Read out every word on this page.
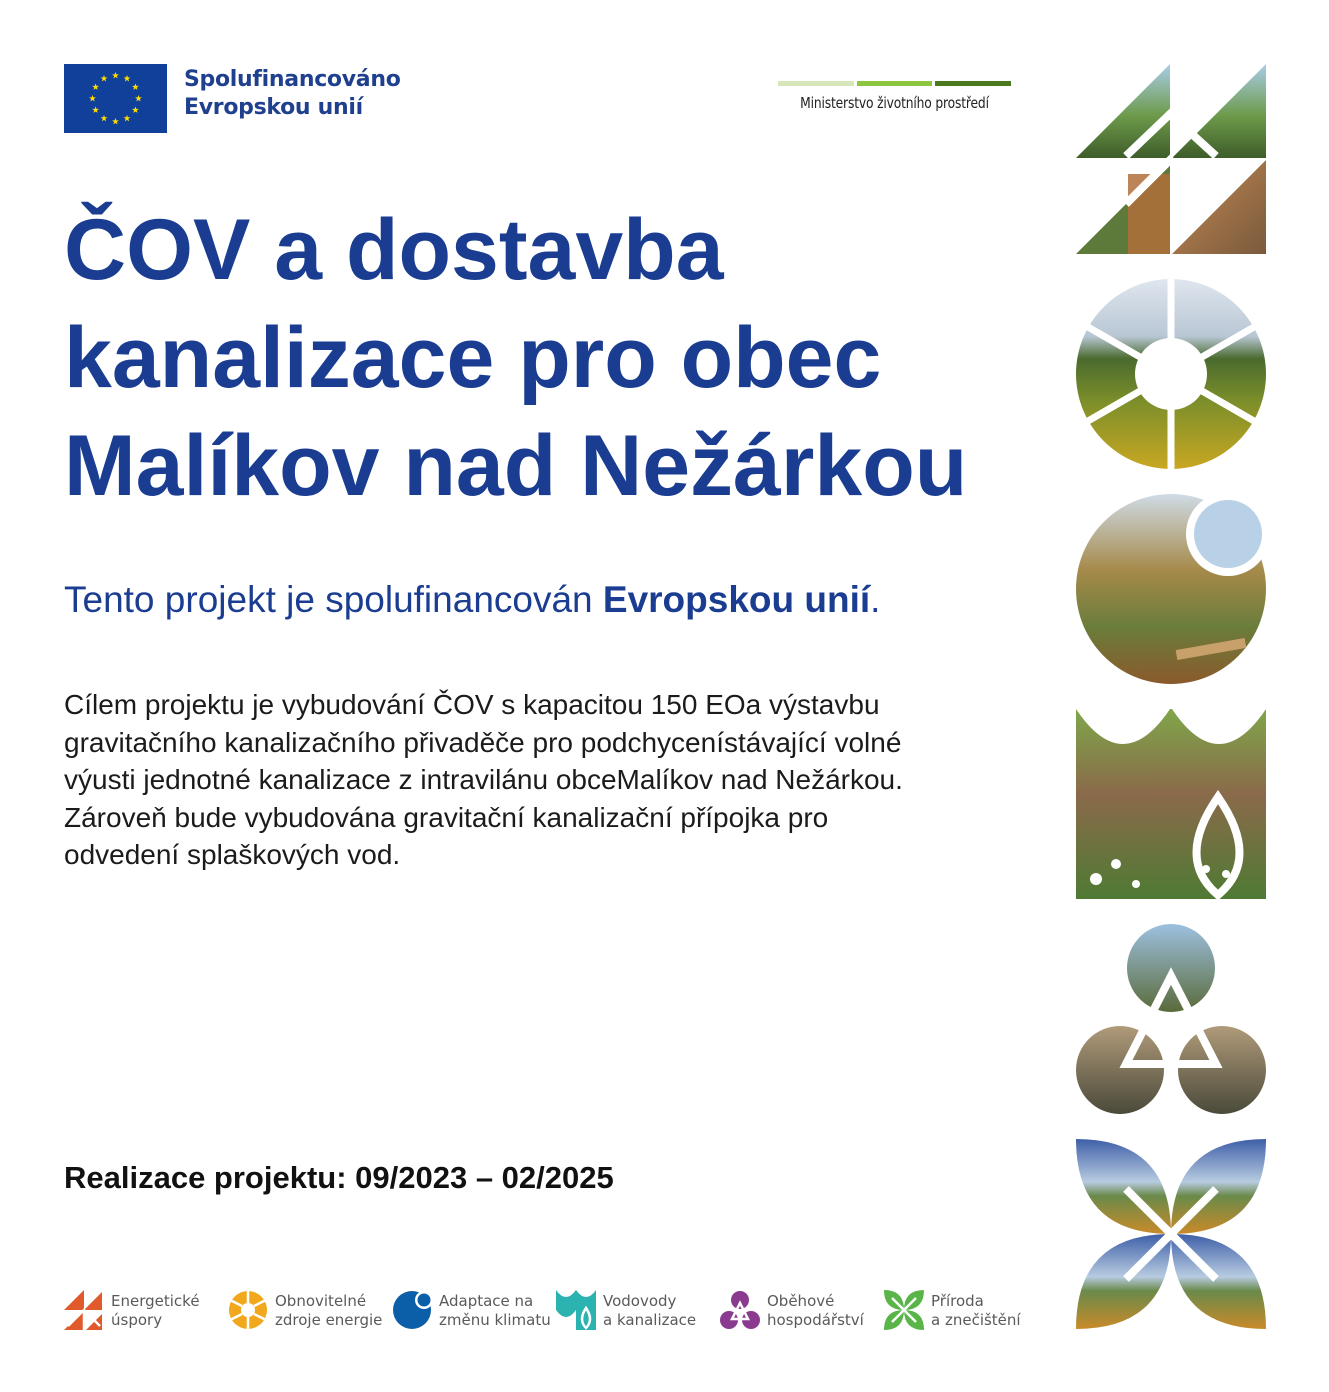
Spolufinancováno
Evropskou unií	Ministerstvo životního prostředí
ČOV a dostavba
kanalizace pro obec
Malíkov nad Nežárkou
Tento projekt je spolufinancován Evropskou unií.
Cílem projektu je vybudování ČOV s kapacitou 150 EOa výstavbu
gravitačního kanalizačního přivaděče pro podchycenístávající volné
výusti jednotné kanalizace z intravilánu obceMalíkov nad Nežárkou.
Zároveň bude vybudována gravitační kanalizační přípojka pro
odvedení splaškových vod.
Realizace projektu: 09/2023 – 02/2025
Energetické
úspory
Obnovitelné
zdroje energie
Adaptace na
změnu klimatu
Vodovody
a kanalizace
Oběhové
hospodářství
Příroda
a znečištění
